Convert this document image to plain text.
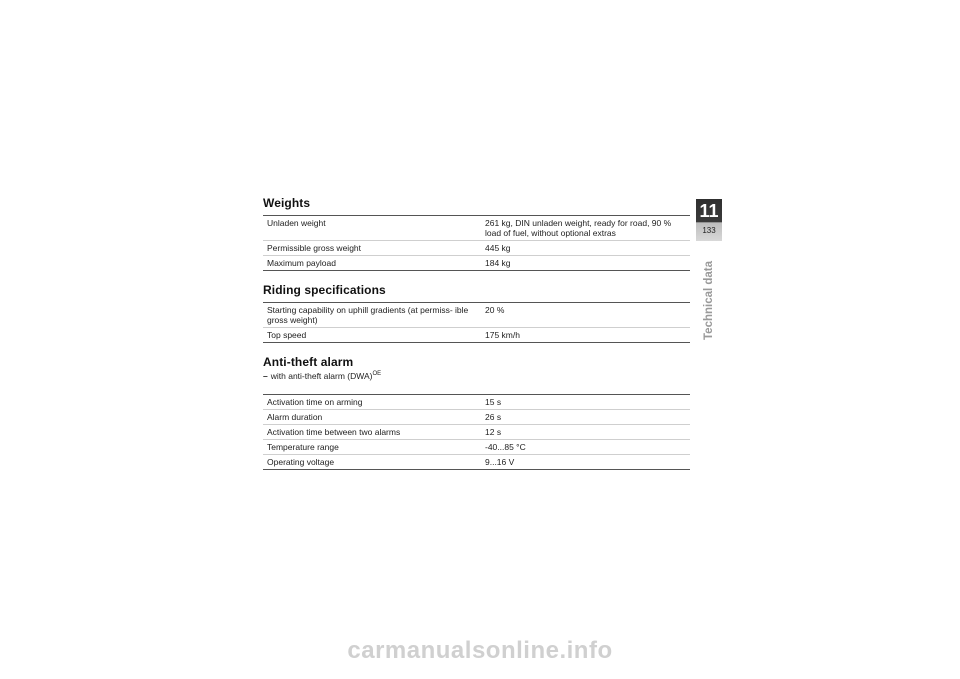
Weights
Unladen weight	261 kg, DIN unladen weight, ready for road, 90 % load of fuel, without optional extras
Permissible gross weight	445 kg
Maximum payload	184 kg
Riding specifications
Starting capability on uphill gradients (at permiss- ible gross weight)	20 %
Top speed	175 km/h
Anti-theft alarm
– with anti-theft alarm (DWA)$^{OE}$
Activation time on arming	15 s
Alarm duration	26 s
Activation time between two alarms	12 s
Temperature range	-40...85 °C
Operating voltage	9...16 V
11
133
Technical data
carmanualsonline.info
